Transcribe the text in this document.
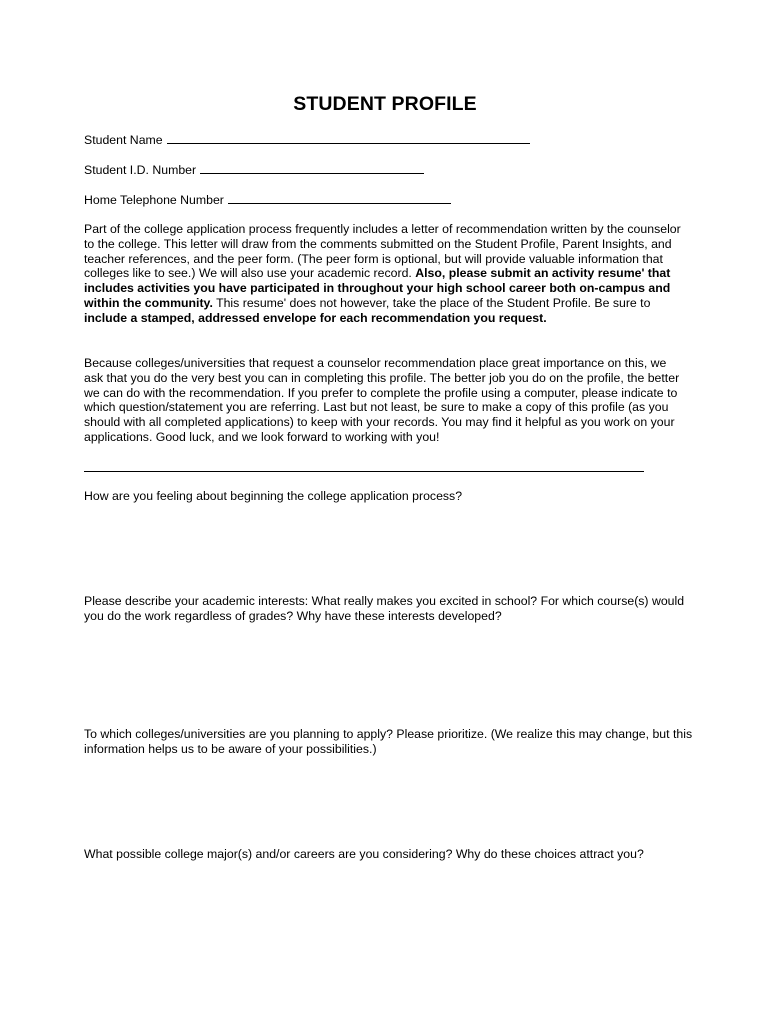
STUDENT PROFILE
Student Name
Student I.D. Number
Home Telephone Number
Part of the college application process frequently includes a letter of recommendation written by the counselor to the college. This letter will draw from the comments submitted on the Student Profile, Parent Insights, and teacher references, and the peer form. (The peer form is optional, but will provide valuable information that colleges like to see.) We will also use your academic record. Also, please submit an activity resume' that includes activities you have participated in throughout your high school career both on-campus and within the community. This resume' does not however, take the place of the Student Profile. Be sure to include a stamped, addressed envelope for each recommendation you request.
Because colleges/universities that request a counselor recommendation place great importance on this, we ask that you do the very best you can in completing this profile. The better job you do on the profile, the better we can do with the recommendation. If you prefer to complete the profile using a computer, please indicate to which question/statement you are referring. Last but not least, be sure to make a copy of this profile (as you should with all completed applications) to keep with your records. You may find it helpful as you work on your applications. Good luck, and we look forward to working with you!
How are you feeling about beginning the college application process?
Please describe your academic interests: What really makes you excited in school? For which course(s) would you do the work regardless of grades? Why have these interests developed?
To which colleges/universities are you planning to apply? Please prioritize. (We realize this may change, but this information helps us to be aware of your possibilities.)
What possible college major(s) and/or careers are you considering? Why do these choices attract you?
